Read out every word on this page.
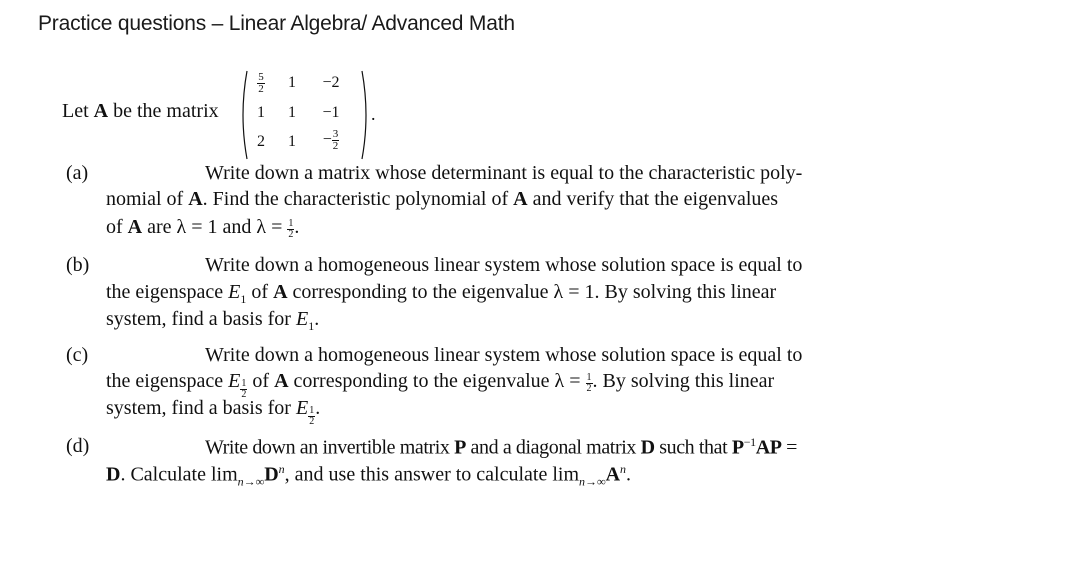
Practice questions – Linear Algebra/ Advanced Math
Let A be the matrix
$\frac{5}{2}$	1	−2
1	1	−1
2	1	− $\frac{3}{2}$
.
(a)	Write down a matrix whose determinant is equal to the characteristic poly-
nomial of A. Find the characteristic polynomial of A and verify that the eigenvalues
of A are λ = 1 and $\lambda = \frac{1}{2}$ .
(b)	Write down a homogeneous linear system whose solution space is equal to
the eigenspace $E_1$ of A corresponding to the eigenvalue λ = 1. By solving this linear
system, find a basis for $E_1$.
(c)	Write down a homogeneous linear system whose solution space is equal to
the eigenspace E $\frac{1}{2}$ of A corresponding to the eigenvalue $\lambda = \frac{1}{2}$ . By solving this linear
system, find a basis for E $\frac{1}{2}$ .
(d)	Write down an invertible matrix P and a diagonal matrix D such that $P^{-1}AP$ =
D. Calculate $\lim_{n\to\infty}D^n$, and use this answer to calculate $\lim_{n\to\infty}A^n$.
